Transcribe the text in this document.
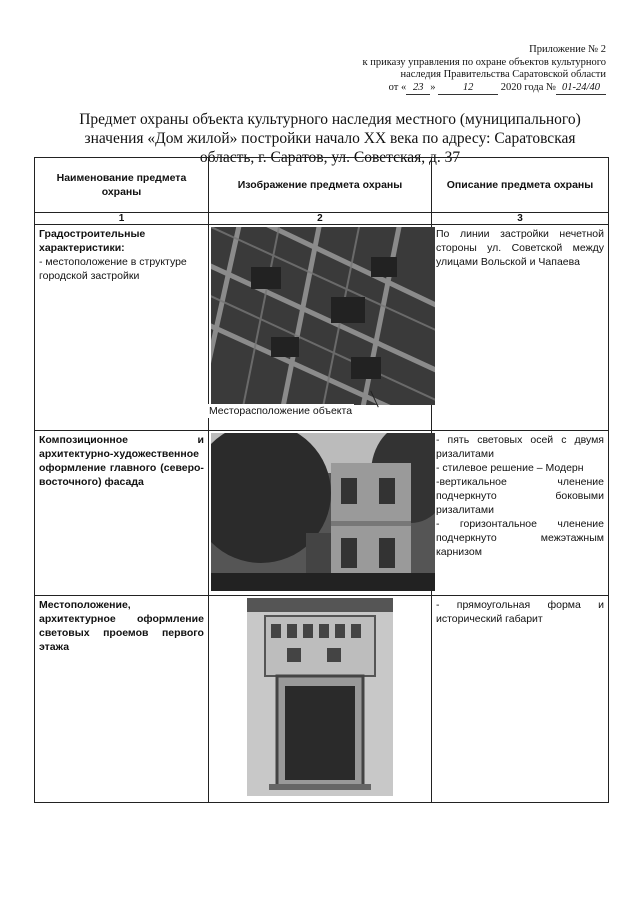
Приложение № 2
к приказу управления по охране объектов культурного
наследия Правительства Саратовской области
от « 23 »	12	2020 года № 01-24/40
Предмет охраны объекта культурного наследия местного (муниципального) значения «Дом жилой» постройки начало XX века по адресу: Саратовская область, г. Саратов, ул. Советская, д. 37
Наименование предмета охраны	Изображение предмета охраны	Описание предмета охраны
1	2	3

Градостроительные характеристики:
- местоположение в структуре городской застройки	Месторасположение объекта	По линии застройки нечетной стороны ул. Советской между улицами Вольской и Чапаева

Композиционное и архитектурно-художественное оформление главного (северо-восточного) фасада		- пять световых осей с двумя ризалитами
- стилевое решение – Модерн
-вертикальное членение подчеркнуто боковыми ризалитами
- горизонтальное членение подчеркнуто межэтажным карнизом

Местоположение, архитектурное оформление световых проемов первого этажа		- прямоугольная форма и исторический габарит
